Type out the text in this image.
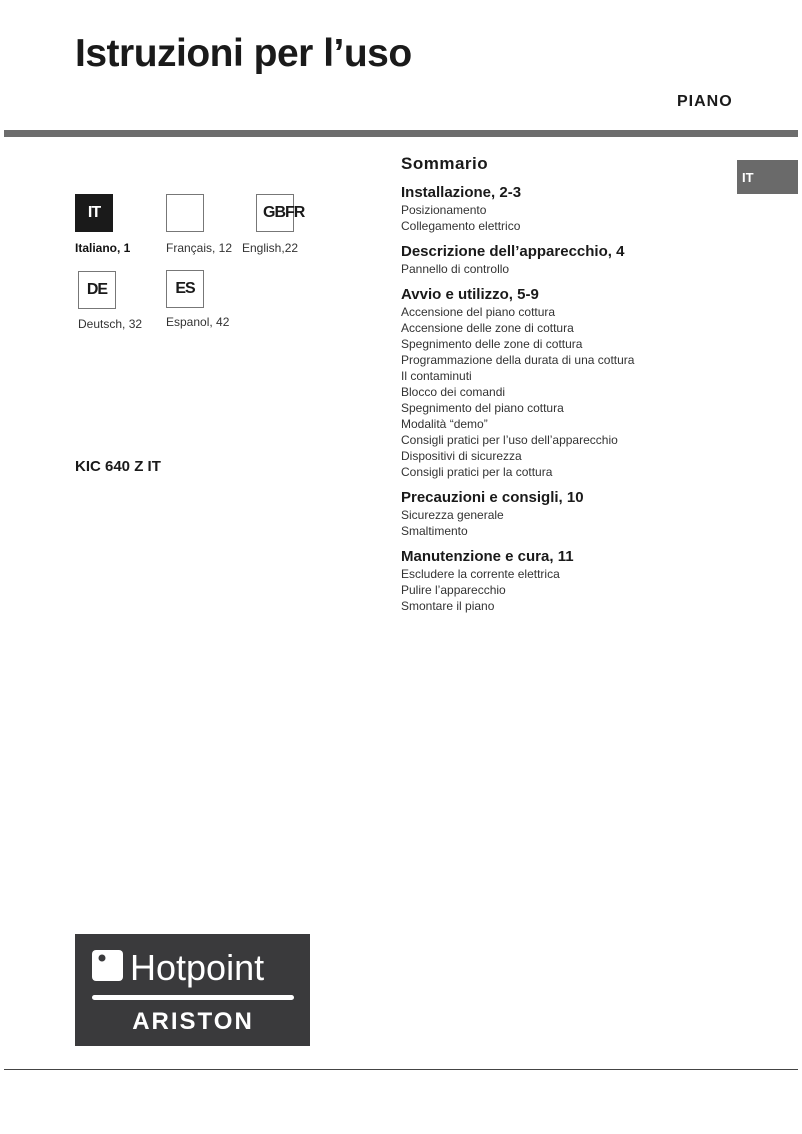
Istruzioni per l’uso
PIANO
IT
IT
Italiano, 1	Français, 12
GBFR
English,22
DE
Deutsch, 32
ES
Espanol, 42
KIC 640 Z IT
Sommario
Installazione, 2-3
Posizionamento
Collegamento elettrico
Descrizione dell’apparecchio, 4
Pannello di controllo
Avvio e utilizzo, 5-9
Accensione del piano cottura
Accensione delle zone di cottura
Spegnimento delle zone di cottura
Programmazione della durata di una cottura
Il contaminuti
Blocco dei comandi
Spegnimento del piano cottura
Modalità “demo”
Consigli pratici per l’uso dell’apparecchio
Dispositivi di sicurezza
Consigli pratici per la cottura
Precauzioni e consigli, 10
Sicurezza generale
Smaltimento
Manutenzione e cura, 11
Escludere la corrente elettrica
Pulire l’apparecchio
Smontare il piano
Hotpoint
ARISTON
